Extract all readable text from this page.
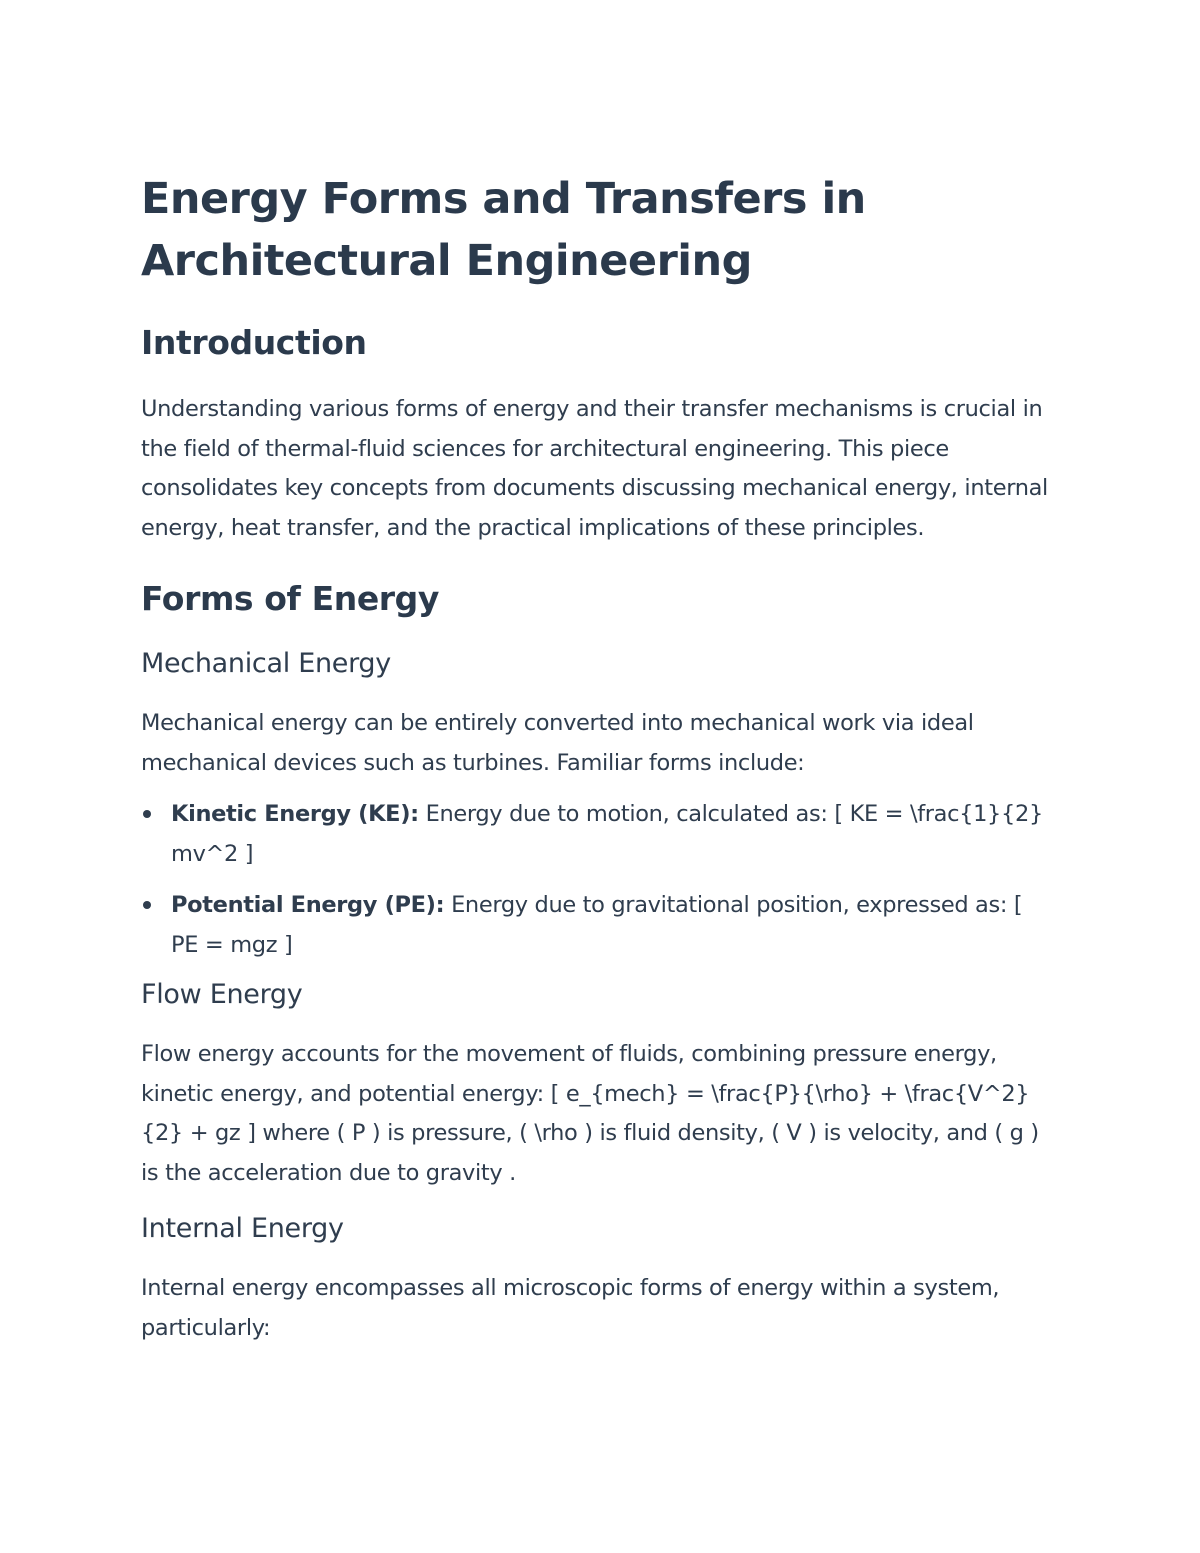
Energy Forms and Transfers in Architectural Engineering
Introduction

Understanding various forms of energy and their transfer mechanisms is crucial in the field of thermal-fluid sciences for architectural engineering. This piece consolidates key concepts from documents discussing mechanical energy, internal energy, heat transfer, and the practical implications of these principles.

Forms of Energy
Mechanical Energy

Mechanical energy can be entirely converted into mechanical work via ideal mechanical devices such as turbines. Familiar forms include:

Kinetic Energy (KE): Energy due to motion, calculated as: [ KE = \frac{1}{2} mv^2 ]
Potential Energy (PE): Energy due to gravitational position, expressed as: [ PE = mgz ]
Flow Energy

Flow energy accounts for the movement of fluids, combining pressure energy, kinetic energy, and potential energy: [ e_{mech} = \frac{P}{\rho} + \frac{V^2}{2} + gz ] where ( P ) is pressure, ( \rho ) is fluid density, ( V ) is velocity, and ( g ) is the acceleration due to gravity .

Internal Energy

Internal energy encompasses all microscopic forms of energy within a system, particularly:
